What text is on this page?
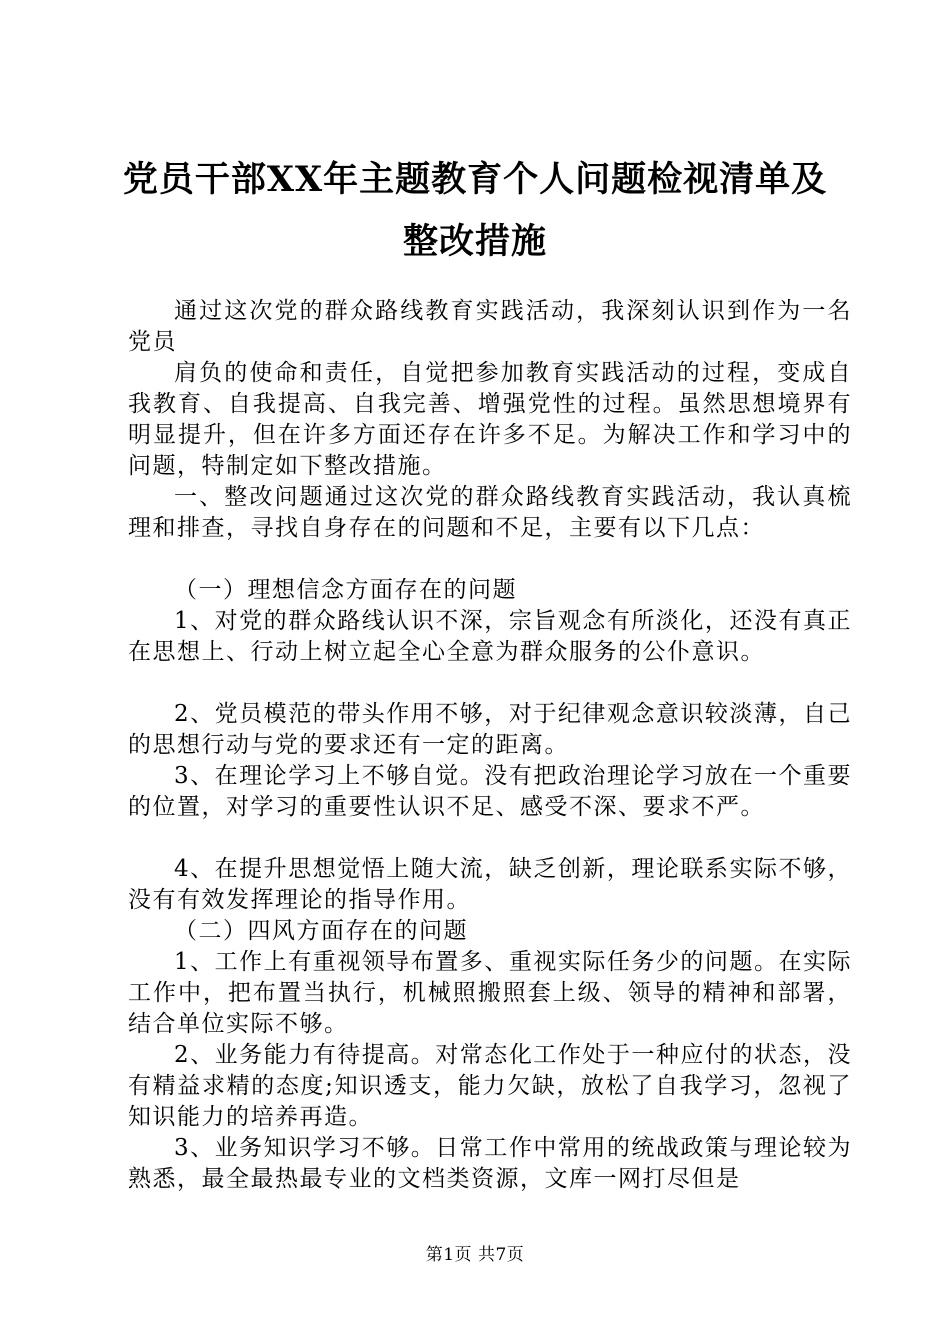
党员干部XX年主题教育个人问题检视清单及
整改措施

通过这次党的群众路线教育实践活动，我深刻认识到作为一名党员

肩负的使命和责任，自觉把参加教育实践活动的过程，变成自我教育、自我提高、自我完善、增强党性的过程。虽然思想境界有明显提升，但在许多方面还存在许多不足。为解决工作和学习中的问题，特制定如下整改措施。

一、整改问题通过这次党的群众路线教育实践活动，我认真梳理和排查，寻找自身存在的问题和不足，主要有以下几点：

（一）理想信念方面存在的问题

1、对党的群众路线认识不深，宗旨观念有所淡化，还没有真正在思想上、行动上树立起全心全意为群众服务的公仆意识。

2、党员模范的带头作用不够，对于纪律观念意识较淡薄，自己的思想行动与党的要求还有一定的距离。

3、在理论学习上不够自觉。没有把政治理论学习放在一个重要的位置，对学习的重要性认识不足、感受不深、要求不严。

4、在提升思想觉悟上随大流，缺乏创新，理论联系实际不够，没有有效发挥理论的指导作用。

（二）四风方面存在的问题

1、工作上有重视领导布置多、重视实际任务少的问题。在实际工作中，把布置当执行，机械照搬照套上级、领导的精神和部署，结合单位实际不够。

2、业务能力有待提高。对常态化工作处于一种应付的状态，没有精益求精的态度;知识透支，能力欠缺，放松了自我学习，忽视了知识能力的培养再造。

3、业务知识学习不够。日常工作中常用的统战政策与理论较为熟悉，最全最热最专业的文档类资源，文库一网打尽但是

第1页 共7页
